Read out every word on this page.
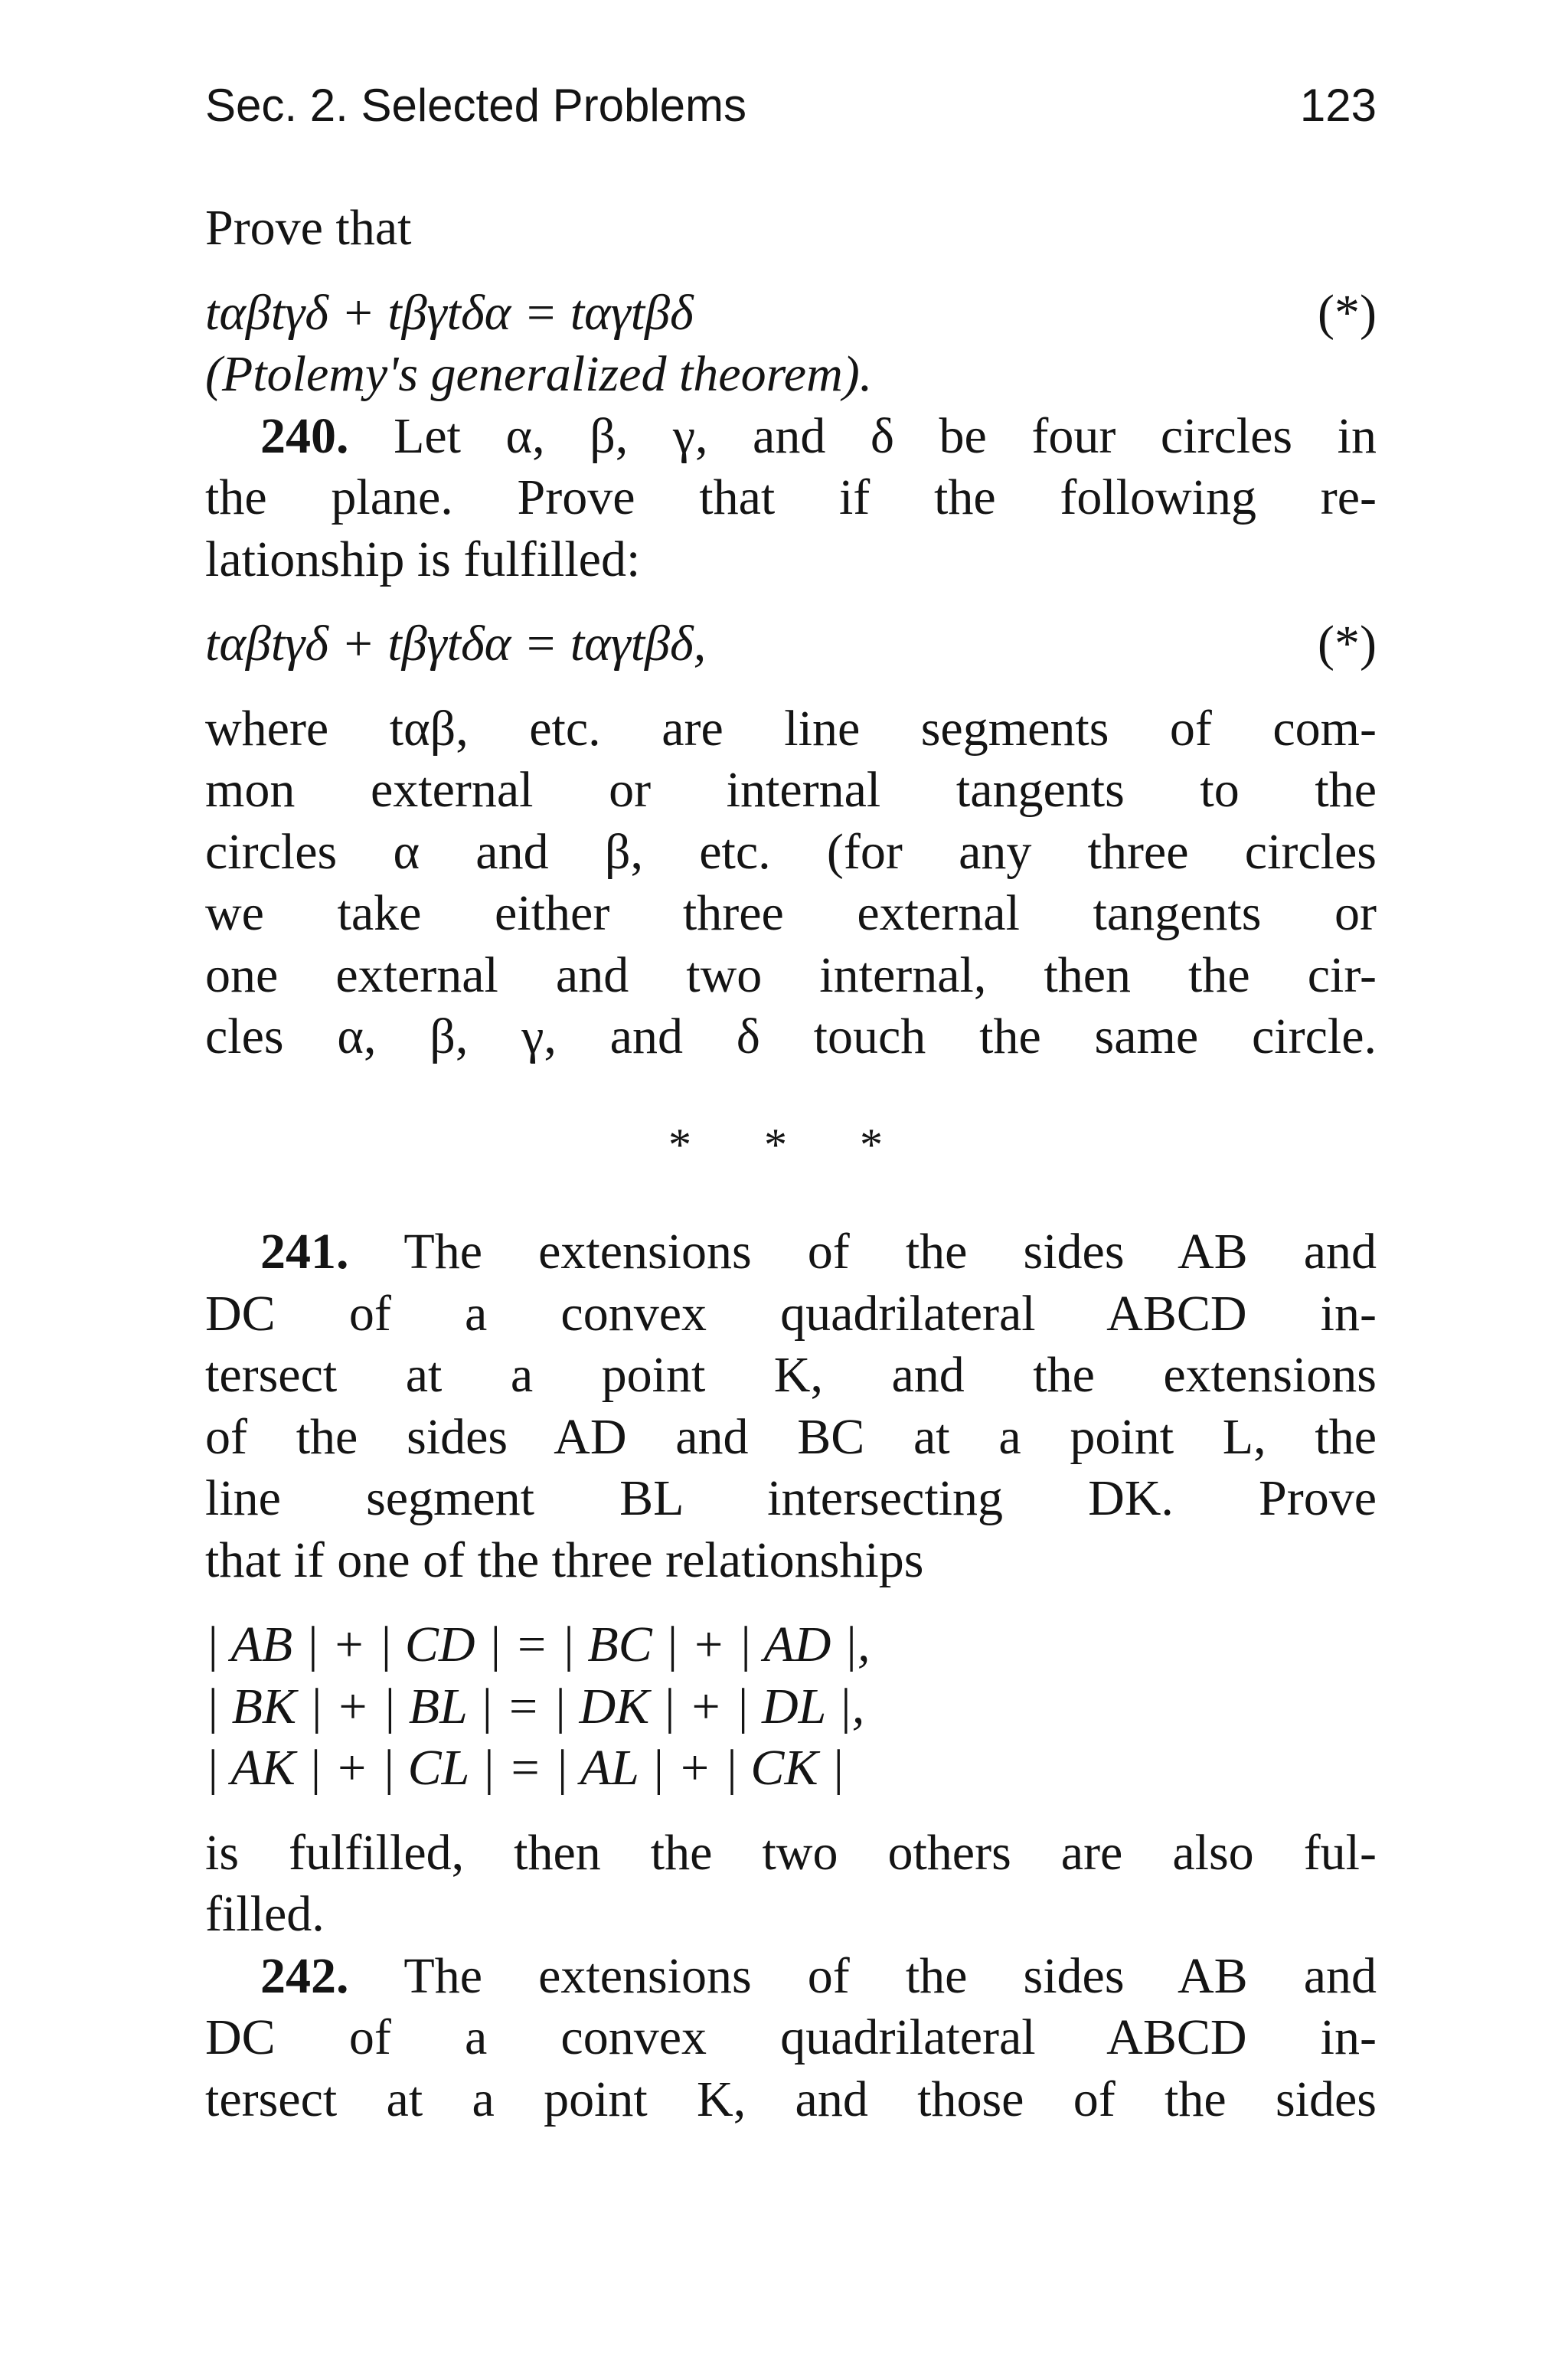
Sec. 2. Selected Problems	123
Prove that
tαβtγδ + tβγtδα = tαγtβδ	(*)
(Ptolemy's generalized theorem).
240. Let α, β, γ, and δ be four circles in
the plane. Prove that if the following re-
lationship is fulfilled:
tαβtγδ + tβγtδα = tαγtβδ,	(*)
where tαβ, etc. are line segments of com-
mon external or internal tangents to the
circles α and β, etc. (for any three circles
we take either three external tangents or
one external and two internal, then the cir-
cles α, β, γ, and δ touch the same circle.
* * *
241. The extensions of the sides AB and
DC of a convex quadrilateral ABCD in-
tersect at a point K, and the extensions
of the sides AD and BC at a point L, the
line segment BL intersecting DK. Prove
that if one of the three relationships
| AB | + | CD | = | BC | + | AD |,
| BK | + | BL | = | DK | + | DL |,
| AK | + | CL | = | AL | + | CK |
is fulfilled, then the two others are also ful-
filled.
242. The extensions of the sides AB and
DC of a convex quadrilateral ABCD in-
tersect at a point K, and those of the sides
